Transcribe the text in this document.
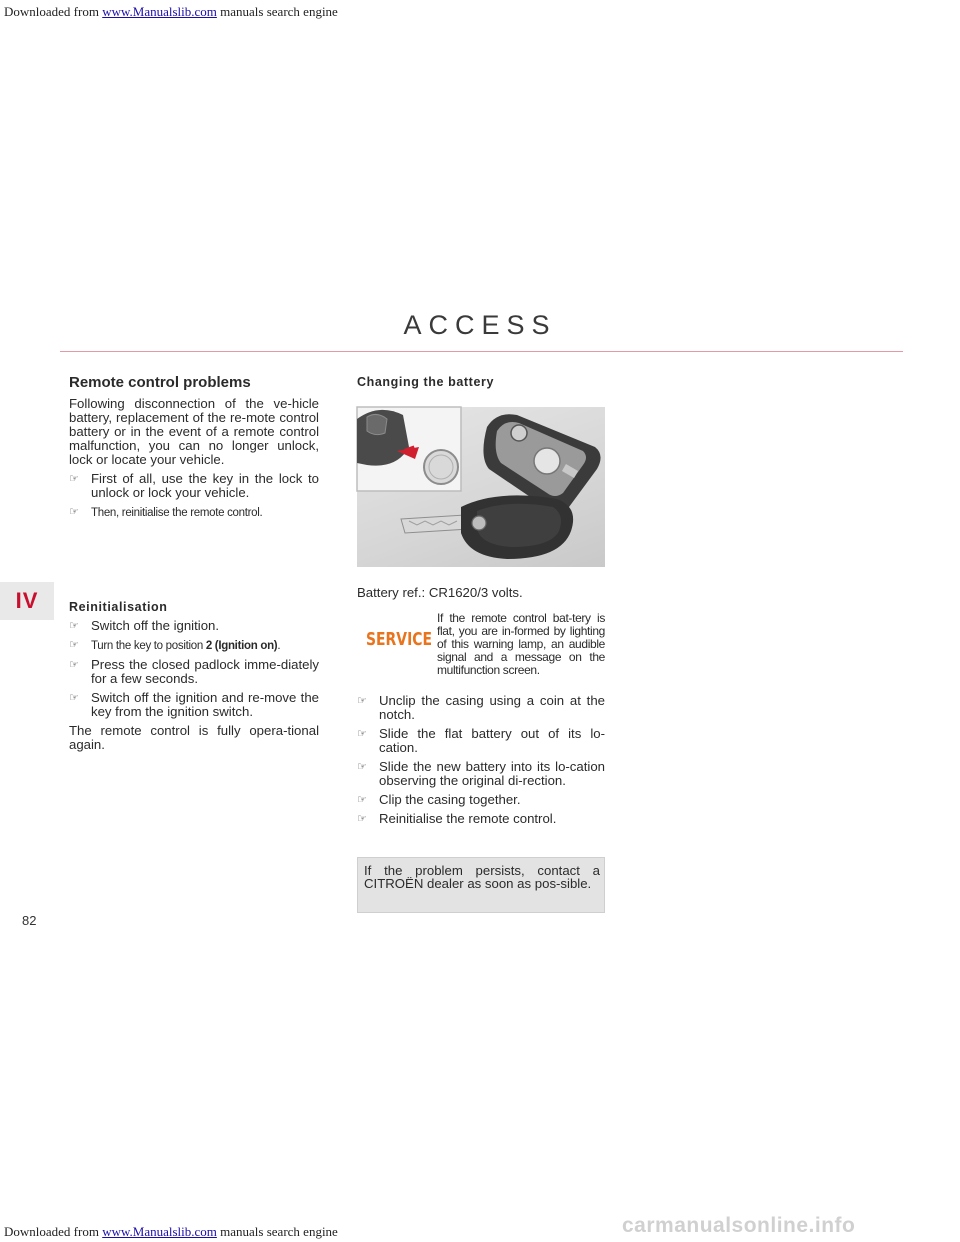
Downloaded from www.Manualslib.com manuals search engine
ACCESS
IV
82
Remote control problems
Following disconnection of the ve-hicle battery, replacement of the re-mote control battery or in the event of a remote control malfunction, you can no longer unlock, lock or locate your vehicle.
☞ First of all, use the key in the lock to unlock or lock your vehicle.
☞	Then, reinitialise the remote control.
Reinitialisation
☞ Switch off the ignition.
☞	Turn the key to position 2 (Ignition on).
☞ Press the closed padlock imme-diately for a few seconds.
☞ Switch off the ignition and re-move the key from the ignition switch.
The remote control is fully opera-tional again.
Changing the battery
Battery ref.: CR1620/3 volts.
SERVICE
If the remote control bat-tery is flat, you are in-formed by lighting of this warning lamp, an audible signal and a message on the multifunction screen.
☞ Unclip the casing using a coin at the notch.
☞ Slide the flat battery out of its lo-cation.
☞ Slide the new battery into its lo-cation observing the original di-rection.
☞ Clip the casing together.
☞ Reinitialise the remote control.
If the problem persists, contact a CITROËN dealer as soon as pos-sible.
carmanualsonline.info
Downloaded from www.Manualslib.com manuals search engine
